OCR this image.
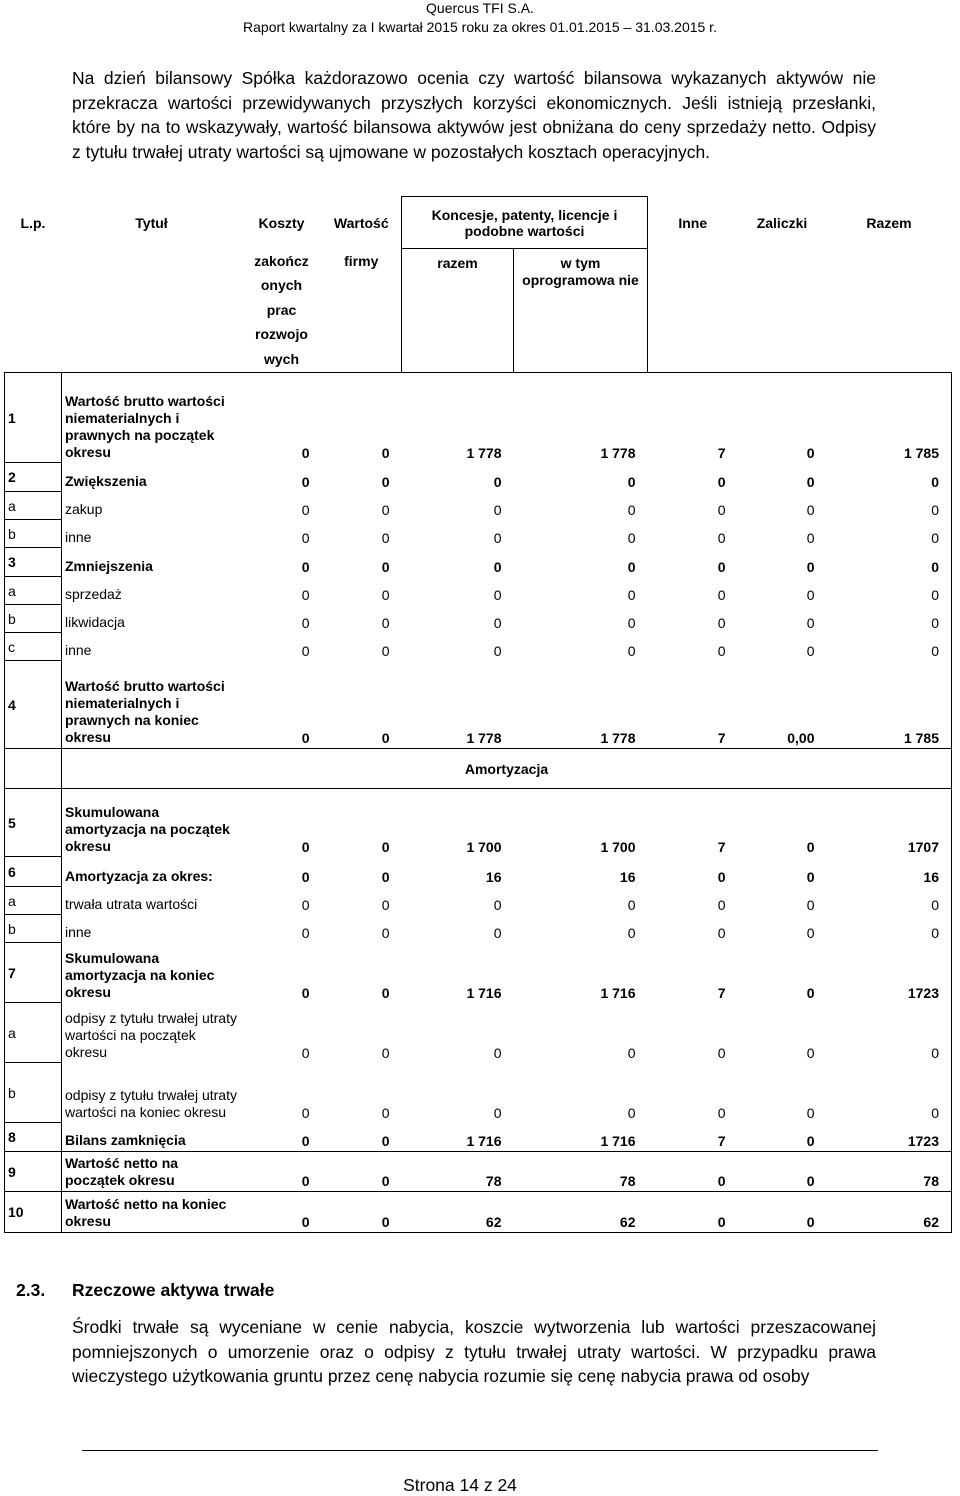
Quercus TFI S.A.
Raport kwartalny za I kwartał 2015 roku za okres 01.01.2015 – 31.03.2015 r.

Na dzień bilansowy Spółka każdorazowo ocenia czy wartość bilansowa wykazanych aktywów nie przekracza wartości przewidywanych przyszłych korzyści ekonomicznych. Jeśli istnieją przesłanki, które by na to wskazywały, wartość bilansowa aktywów jest obniżana do ceny sprzedaży netto. Odpisy z tytułu trwałej utraty wartości są ujmowane w pozostałych kosztach operacyjnych.

L.p.	Tytuł	Koszty	Wartość	Koncesje, patenty, licencje i podobne wartości		Inne	Zaliczki	Razem

		zakończ
onych
prac
rozwojo
wych	firmy	razem	w tym oprogramowa nie			
1	Wartość brutto wartości niematerialnych i prawnych na początek okresu	0	0	1 778	1 778	7	0	1 785
2	Zwiększenia	0	0	0	0	0	0	0
a	zakup	0	0	0	0	0	0	0
b	inne	0	0	0	0	0	0	0
3	Zmniejszenia	0	0	0	0	0	0	0
a	sprzedaż	0	0	0	0	0	0	0
b	likwidacja	0	0	0	0	0	0	0
c	inne	0	0	0	0	0	0	0
4	Wartość brutto wartości niematerialnych i prawnych na koniec okresu	0	0	1 778	1 778	7	0,00	1 785
	Amortyzacja							
5	Skumulowana amortyzacja na początek okresu	0	0	1 700	1 700	7	0	1707
6	Amortyzacja za okres:	0	0	16	16	0	0	16
a	trwała utrata wartości	0	0	0	0	0	0	0
b	inne	0	0	0	0	0	0	0
7	Skumulowana amortyzacja na koniec okresu	0	0	1 716	1 716	7	0	1723
a	odpisy z tytułu trwałej utraty wartości na początek okresu	0	0	0	0	0	0	0
b	odpisy z tytułu trwałej utraty wartości na koniec okresu	0	0	0	0	0	0	0
8	Bilans zamknięcia	0	0	1 716	1 716	7	0	1723
9	Wartość netto na początek okresu	0	0	78	78	0	0	78
10	Wartość netto na koniec okresu	0	0	62	62	0	0	62
2.3. Rzeczowe aktywa trwałe

Środki trwałe są wyceniane w cenie nabycia, koszcie wytworzenia lub wartości przeszacowanej pomniejszonych o umorzenie oraz o odpisy z tytułu trwałej utraty wartości. W przypadku prawa wieczystego użytkowania gruntu przez cenę nabycia rozumie się cenę nabycia prawa od osoby

Strona 14 z 24
